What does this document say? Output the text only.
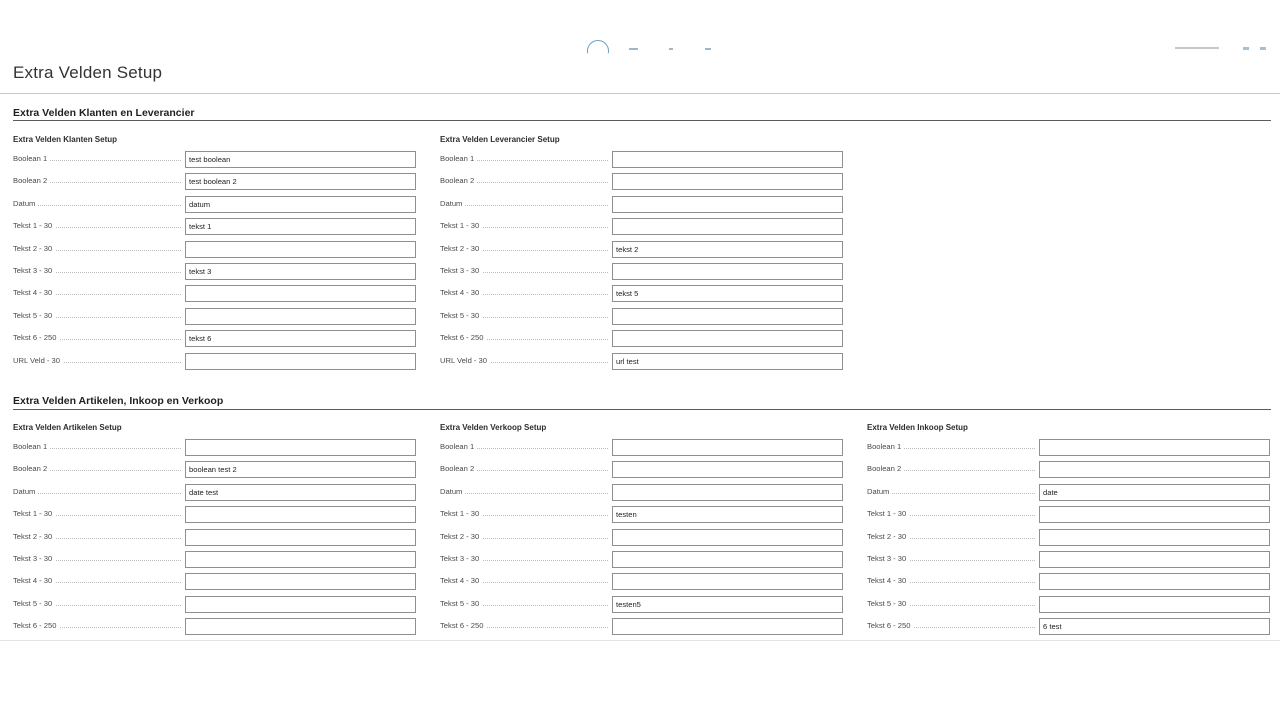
Extra Velden Setup
Extra Velden Klanten en Leverancier
Extra Velden Klanten Setup
Boolean 1
test boolean
Boolean 2
test boolean 2
Datum
datum
Tekst 1 - 30
tekst 1
Tekst 2 - 30
Tekst 3 - 30
tekst 3
Tekst 4 - 30
Tekst 5 - 30
Tekst 6 - 250
tekst 6
URL Veld - 30
Extra Velden Leverancier Setup
Boolean 1
Boolean 2
Datum
Tekst 1 - 30
Tekst 2 - 30
tekst 2
Tekst 3 - 30
Tekst 4 - 30
tekst 5
Tekst 5 - 30
Tekst 6 - 250
URL Veld - 30
url test
Extra Velden Artikelen, Inkoop en Verkoop
Extra Velden Artikelen Setup
Boolean 1
Boolean 2
boolean test 2
Datum
date test
Tekst 1 - 30
Tekst 2 - 30
Tekst 3 - 30
Tekst 4 - 30
Tekst 5 - 30
Tekst 6 - 250
Extra Velden Verkoop Setup
Boolean 1
Boolean 2
Datum
Tekst 1 - 30
testen
Tekst 2 - 30
Tekst 3 - 30
Tekst 4 - 30
Tekst 5 - 30
testen5
Tekst 6 - 250
Extra Velden Inkoop Setup
Boolean 1
Boolean 2
Datum
date
Tekst 1 - 30
Tekst 2 - 30
Tekst 3 - 30
Tekst 4 - 30
Tekst 5 - 30
Tekst 6 - 250
6 test
